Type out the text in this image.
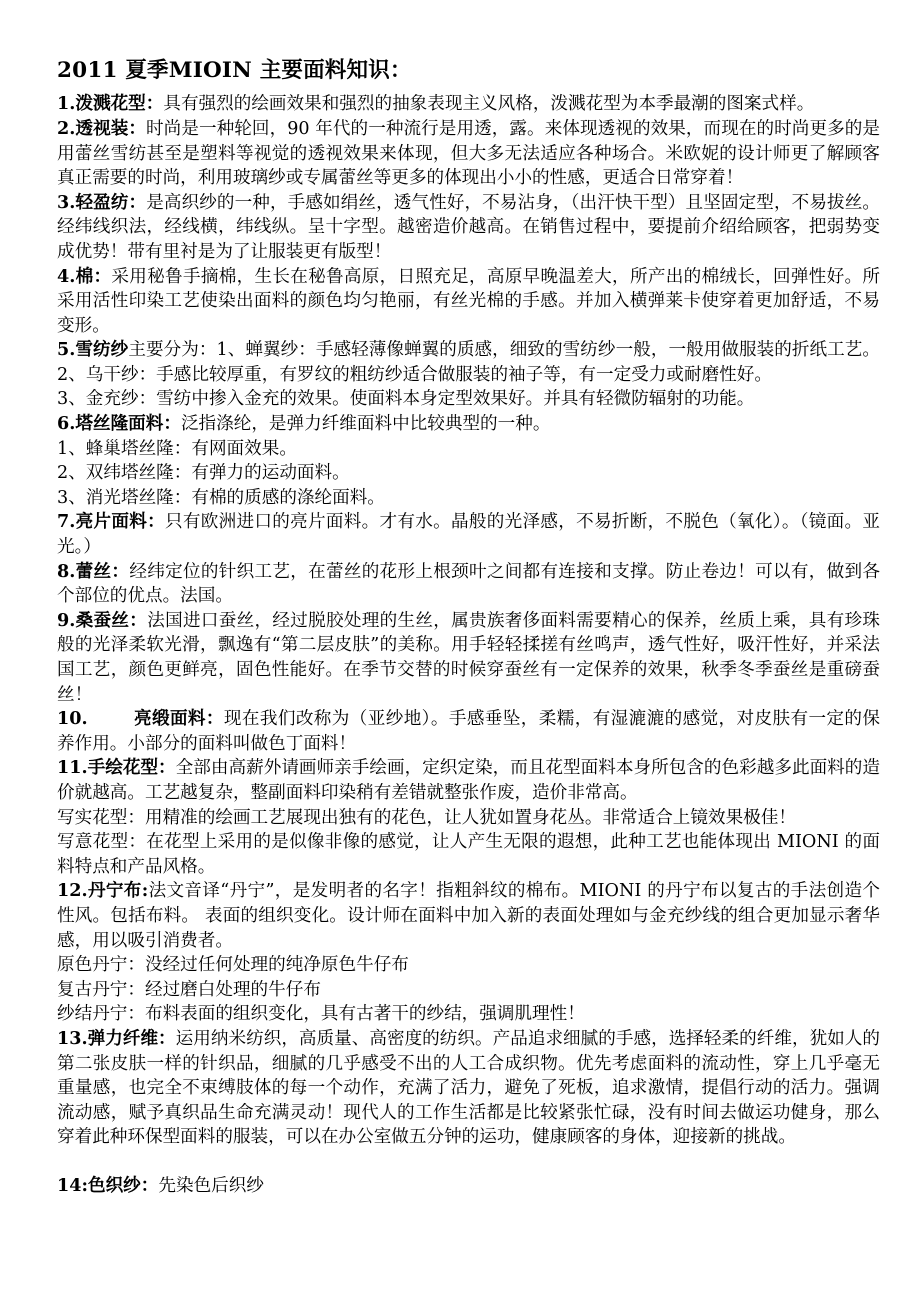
2011 夏季MIOIN 主要面料知识：

1.泼溅花型：具有强烈的绘画效果和强烈的抽象表现主义风格，泼溅花型为本季最潮的图案式样。

2.透视装：时尚是一种轮回，90 年代的一种流行是用透，露。来体现透视的效果，而现在的时尚更多的是用蕾丝雪纺甚至是塑料等视觉的透视效果来体现，但大多无法适应各种场合。米欧妮的设计师更了解顾客真正需要的时尚，利用玻璃纱或专属蕾丝等更多的体现出小小的性感，更适合日常穿着！

3.轻盈纺：是高织纱的一种，手感如绢丝，透气性好，不易沾身，（出汗快干型）且坚固定型，不易拔丝。经纬线织法，经线横，纬线纵。呈十字型。越密造价越高。在销售过程中，要提前介绍给顾客，把弱势变成优势！带有里衬是为了让服装更有版型！

4.棉：采用秘鲁手摘棉，生长在秘鲁高原，日照充足，高原早晚温差大，所产出的棉绒长，回弹性好。所采用活性印染工艺使染出面料的颜色均匀艳丽，有丝光棉的手感。并加入横弹莱卡使穿着更加舒适，不易变形。

5.雪纺纱主要分为：1、蝉翼纱：手感轻薄像蝉翼的质感，细致的雪纺纱一般，一般用做服装的折纸工艺。2、乌干纱：手感比较厚重，有罗纹的粗纺纱适合做服装的袖子等，有一定受力或耐磨性好。

3、金充纱：雪纺中掺入金充的效果。使面料本身定型效果好。并具有轻微防辐射的功能。

6.塔丝隆面料：泛指涤纶，是弹力纤维面料中比较典型的一种。

1、蜂巢塔丝隆：有网面效果。

2、双纬塔丝隆：有弹力的运动面料。

3、消光塔丝隆：有棉的质感的涤纶面料。

7.亮片面料：只有欧洲进口的亮片面料。才有水。晶般的光泽感，不易折断，不脱色（氧化）。（镜面。亚光。）

8.蕾丝：经纬定位的针织工艺，在蕾丝的花形上根颈叶之间都有连接和支撑。防止卷边！可以有，做到各个部位的优点。法国。

9.桑蚕丝：法国进口蚕丝，经过脱胶处理的生丝，属贵族奢侈面料需要精心的保养，丝质上乘，具有珍珠般的光泽柔软光滑，飘逸有“第二层皮肤”的美称。用手轻轻揉搓有丝鸣声，透气性好，吸汗性好，并采法国工艺，颜色更鲜亮，固色性能好。在季节交替的时候穿蚕丝有一定保养的效果，秋季冬季蚕丝是重磅蚕丝！

10.	亮缎面料：现在我们改称为（亚纱地）。手感垂坠，柔糯，有湿漉漉的感觉，对皮肤有一定的保养作用。小部分的面料叫做色丁面料！

11.手绘花型：全部由高薪外请画师亲手绘画，定织定染，而且花型面料本身所包含的色彩越多此面料的造价就越高。工艺越复杂，整副面料印染稍有差错就整张作废，造价非常高。

写实花型：用精准的绘画工艺展现出独有的花色，让人犹如置身花丛。非常适合上镜效果极佳！

写意花型：在花型上采用的是似像非像的感觉，让人产生无限的遐想，此种工艺也能体现出 MIONI 的面料特点和产品风格。

12.丹宁布:法文音译“丹宁”，是发明者的名字！指粗斜纹的棉布。MIONI 的丹宁布以复古的手法创造个性风。包括布料。 表面的组织变化。设计师在面料中加入新的表面处理如与金充纱线的组合更加显示奢华感，用以吸引消费者。

原色丹宁：没经过任何处理的纯净原色牛仔布

复古丹宁：经过磨白处理的牛仔布

纱结丹宁：布料表面的组织变化，具有古著干的纱结，强调肌理性！

13.弹力纤维：运用纳米纺织，高质量、高密度的纺织。产品追求细腻的手感，选择轻柔的纤维，犹如人的第二张皮肤一样的针织品，细腻的几乎感受不出的人工合成织物。优先考虑面料的流动性，穿上几乎毫无重量感，也完全不束缚肢体的每一个动作，充满了活力，避免了死板，追求激情，提倡行动的活力。强调流动感，赋予真织品生命充满灵动！现代人的工作生活都是比较紧张忙碌，没有时间去做运功健身，那么穿着此种环保型面料的服装，可以在办公室做五分钟的运功，健康顾客的身体，迎接新的挑战。

14:色织纱：先染色后织纱
